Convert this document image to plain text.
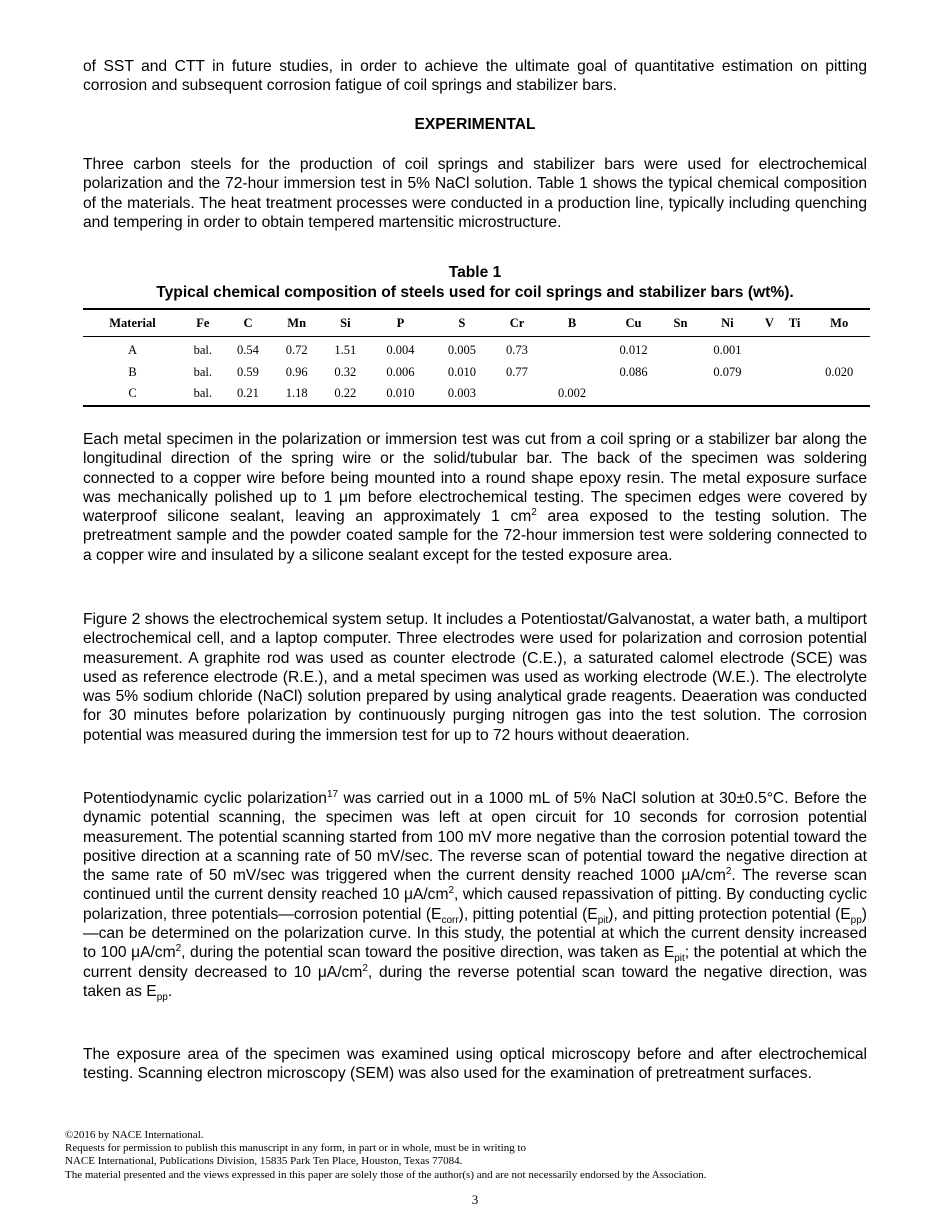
of SST and CTT in future studies, in order to achieve the ultimate goal of quantitative estimation on pitting corrosion and subsequent corrosion fatigue of coil springs and stabilizer bars.
EXPERIMENTAL
Three carbon steels for the production of coil springs and stabilizer bars were used for electrochemical polarization and the 72-hour immersion test in 5% NaCl solution. Table 1 shows the typical chemical composition of the materials. The heat treatment processes were conducted in a production line, typically including quenching and tempering in order to obtain tempered martensitic microstructure.
Table 1
Typical chemical composition of steels used for coil springs and stabilizer bars (wt%).
Material	Fe	C	Mn	Si	P	S	Cr	B	Cu	Sn	Ni	V	Ti	Mo
A	bal.	0.54	0.72	1.51	0.004	0.005	0.73		0.012		0.001			
B	bal.	0.59	0.96	0.32	0.006	0.010	0.77		0.086		0.079			0.020
C	bal.	0.21	1.18	0.22	0.010	0.003		0.002						
Each metal specimen in the polarization or immersion test was cut from a coil spring or a stabilizer bar along the longitudinal direction of the spring wire or the solid/tubular bar. The back of the specimen was soldering connected to a copper wire before being mounted into a round shape epoxy resin. The metal exposure surface was mechanically polished up to 1 μm before electrochemical testing. The specimen edges were covered by waterproof silicone sealant, leaving an approximately 1 $cm^2$ area exposed to the testing solution. The pretreatment sample and the powder coated sample for the 72-hour immersion test were soldering connected to a copper wire and insulated by a silicone sealant except for the tested exposure area.
Figure 2 shows the electrochemical system setup. It includes a Potentiostat/Galvanostat, a water bath, a multiport electrochemical cell, and a laptop computer. Three electrodes were used for polarization and corrosion potential measurement. A graphite rod was used as counter electrode (C.E.), a saturated calomel electrode (SCE) was used as reference electrode (R.E.), and a metal specimen was used as working electrode (W.E.). The electrolyte was 5% sodium chloride (NaCl) solution prepared by using analytical grade reagents. Deaeration was conducted for 30 minutes before polarization by continuously purging nitrogen gas into the test solution. The corrosion potential was measured during the immersion test for up to 72 hours without deaeration.
Potentiodynamic cyclic polarization$^{17}$ was carried out in a 1000 mL of 5% NaCl solution at 30±0.5°C. Before the dynamic potential scanning, the specimen was left at open circuit for 10 seconds for corrosion potential measurement. The potential scanning started from 100 mV more negative than the corrosion potential toward the positive direction at a scanning rate of 50 mV/sec. The reverse scan of potential toward the negative direction at the same rate of 50 mV/sec was triggered when the current density reached 1000 $\mu A/cm^2$. The reverse scan continued until the current density reached 10 $\mu A/cm^2$, which caused repassivation of pitting. By conducting cyclic polarization, three potentials—corrosion potential $(E_{corr})$, pitting potential $(E_{pit})$, and pitting protection potential $(E_{pp})—can$ be determined on the polarization curve. In this study, the potential at which the current density increased to 100 $\mu A/cm^2$, during the potential scan toward the positive direction, was taken as $E_{pit}$; the potential at which the current density decreased to 10 $\mu A/cm^2$, during the reverse potential scan toward the negative direction, was taken as $E_{pp}$.
The exposure area of the specimen was examined using optical microscopy before and after electrochemical testing. Scanning electron microscopy (SEM) was also used for the examination of pretreatment surfaces.
©2016 by NACE International.
Requests for permission to publish this manuscript in any form, in part or in whole, must be in writing to
NACE International, Publications Division, 15835 Park Ten Place, Houston, Texas 77084.
The material presented and the views expressed in this paper are solely those of the author(s) and are not necessarily endorsed by the Association.
3
